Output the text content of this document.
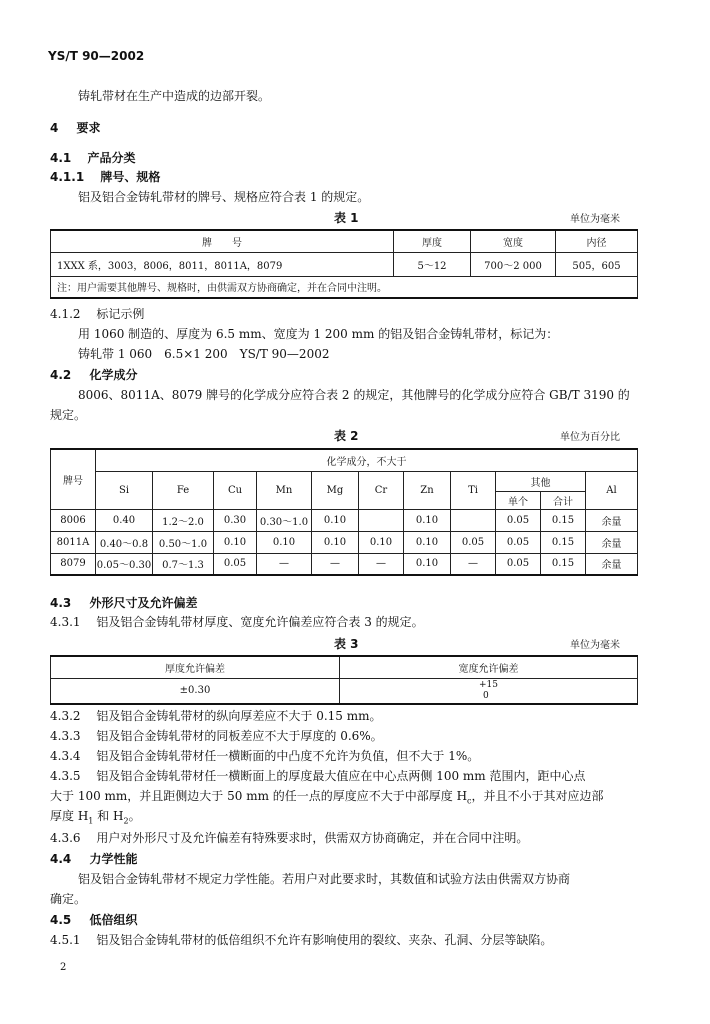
YS/T 90—2002
铸轧带材在生产中造成的边部开裂。
4 要求
4.1 产品分类
4.1.1 牌号、规格
铝及铝合金铸轧带材的牌号、规格应符合表 1 的规定。
表 1	单位为毫米
牌　　号	厚度	宽度	内径
1XXX 系，3003，8006，8011，8011A，8079	5～12	700～2 000	505，605
注：用户需要其他牌号、规格时，由供需双方协商确定，并在合同中注明。			
4.1.2 标记示例
用 1060 制造的、厚度为 6.5 mm、宽度为 1 200 mm 的铝及铝合金铸轧带材，标记为：
铸轧带 1 060　6.5×1 200　YS/T 90—2002
4.2 化学成分
8006、8011A、8079 牌号的化学成分应符合表 2 的规定，其他牌号的化学成分应符合 GB/T 3190 的
规定。
表 2	单位为百分比
牌号	化学成分，不大于										
	Si	Fe	Cu	Mn	Mg	Cr	Zn	Ti	其他		Al
									单个	合计	
8006	0.40	1.2～2.0	0.30	0.30～1.0	0.10		0.10		0.05	0.15	余量
8011A	0.40～0.8	0.50～1.0	0.10	0.10	0.10	0.10	0.10	0.05	0.05	0.15	余量
8079	0.05～0.30	0.7～1.3	0.05	—	—	—	0.10	—	0.05	0.15	余量
4.3 外形尺寸及允许偏差
4.3.1 铝及铝合金铸轧带材厚度、宽度允许偏差应符合表 3 的规定。
表 3	单位为毫米
厚度允许偏差	宽度允许偏差
±0.30	+15
0
4.3.2 铝及铝合金铸轧带材的纵向厚差应不大于 0.15 mm。
4.3.3 铝及铝合金铸轧带材的同板差应不大于厚度的 0.6%。
4.3.4 铝及铝合金铸轧带材任一横断面的中凸度不允许为负值，但不大于 1%。
4.3.5 铝及铝合金铸轧带材任一横断面上的厚度最大值应在中心点两侧 100 mm 范围内，距中心点
大于 100 mm，并且距侧边大于 50 mm 的任一点的厚度应不大于中部厚度 $H_c$，并且不小于其对应边部
厚度 $H_1$ 和 $H_2$。
4.3.6 用户对外形尺寸及允许偏差有特殊要求时，供需双方协商确定，并在合同中注明。
4.4 力学性能
铝及铝合金铸轧带材不规定力学性能。若用户对此要求时，其数值和试验方法由供需双方协商
确定。
4.5 低倍组织
4.5.1 铝及铝合金铸轧带材的低倍组织不允许有影响使用的裂纹、夹杂、孔洞、分层等缺陷。
2
